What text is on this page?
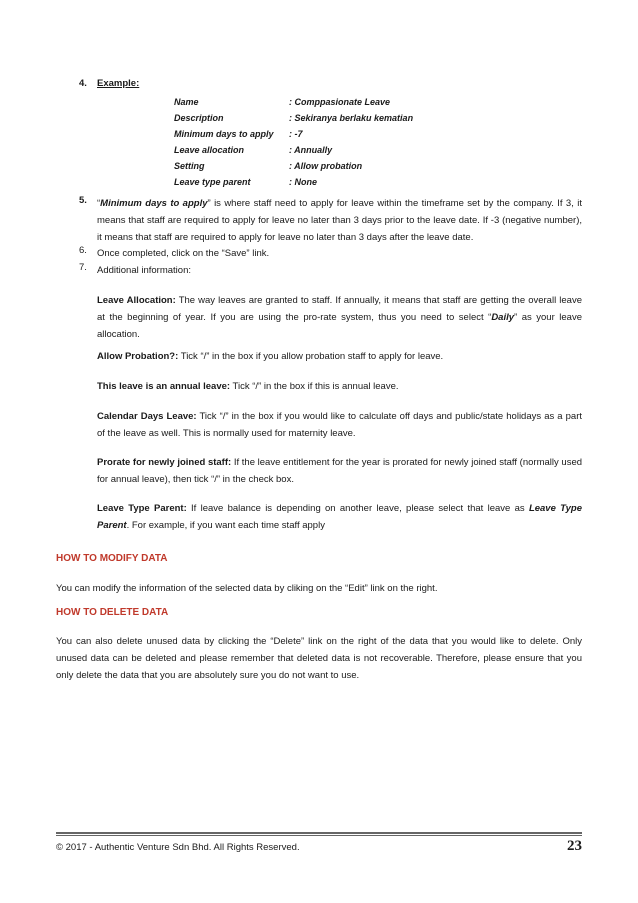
4.	Example:
Name	: Comppasionate Leave
Description	: Sekiranya berlaku kematian
Minimum days to apply : -7
Leave allocation	: Annually
Setting	: Allow probation
Leave type parent	: None
5.	“Minimum days to apply” is where staff need to apply for leave within the timeframe set by the company. If 3, it means that staff are required to apply for leave no later than 3 days prior to the leave date. If -3 (negative number), it means that staff are required to apply for leave no later than 3 days after the leave date.
6.	Once completed, click on the “Save” link.
7.	Additional information:
Leave Allocation: The way leaves are granted to staff. If annually, it means that staff are getting the overall leave at the beginning of year. If you are using the pro-rate system, thus you need to select “Daily” as your leave allocation.
Allow Probation?: Tick “/” in the box if you allow probation staff to apply for leave.
This leave is an annual leave: Tick “/” in the box if this is annual leave.
Calendar Days Leave: Tick “/” in the box if you would like to calculate off days and public/state holidays as a part of the leave as well. This is normally used for maternity leave.
Prorate for newly joined staff: If the leave entitlement for the year is prorated for newly joined staff (normally used for annual leave), then tick “/” in the check box.
Leave Type Parent: If leave balance is depending on another leave, please select that leave as Leave Type Parent. For example, if you want each time staff apply
HOW TO MODIFY DATA
You can modify the information of the selected data by cliking on the “Edit” link on the right.
HOW TO DELETE DATA
You can also delete unused data by clicking the “Delete” link on the right of the data that you would like to delete. Only unused data can be deleted and please remember that deleted data is not recoverable. Therefore, please ensure that you only delete the data that you are absolutely sure you do not want to use.
© 2017 - Authentic Venture Sdn Bhd. All Rights Reserved.	23
